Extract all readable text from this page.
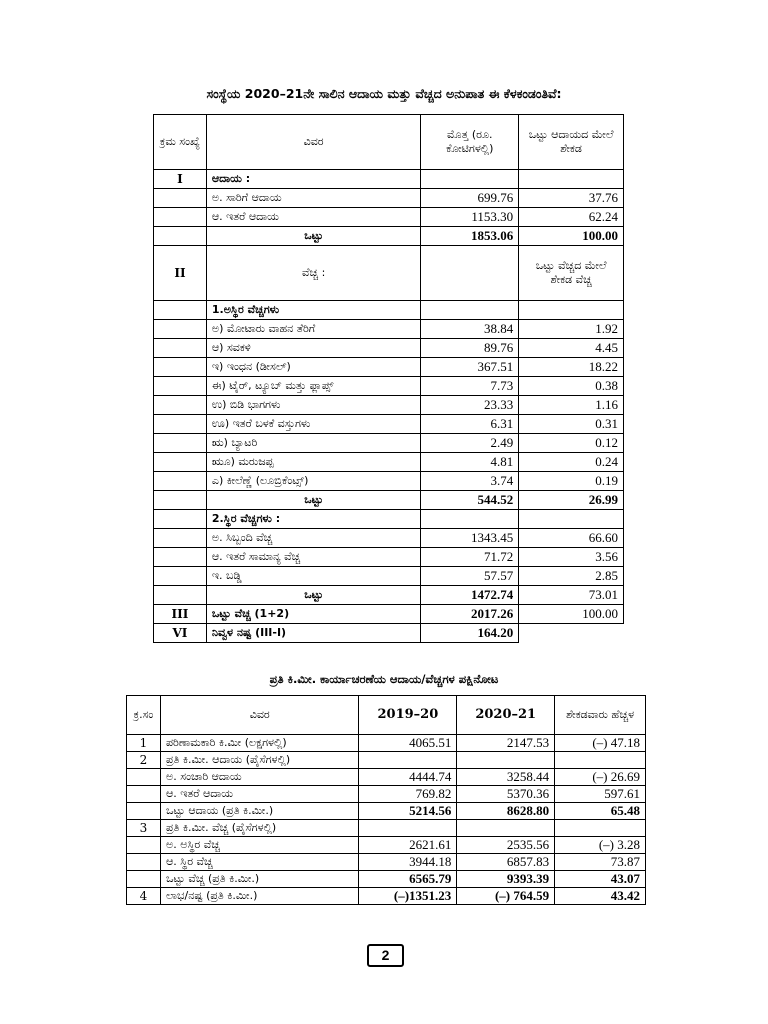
ಸಂಸ್ಥೆಯ 2020–21ನೇ ಸಾಲಿನ ಆದಾಯ ಮತ್ತು ವೆಚ್ಚದ ಅನುಪಾತ ಈ ಕೆಳಕಂಡಂತಿವೆ:
ಕ್ರಮ ಸಂಖ್ಯೆ	ವಿವರ	ಮೊತ್ತ (ರೂ. ಕೋಟಿಗಳಲ್ಲಿ)	ಒಟ್ಟು ಆದಾಯದ ಮೇಲೆ ಶೇಕಡ
I	ಆದಾಯ :		
	ಅ. ಸಾರಿಗೆ ಆದಾಯ	699.76	37.76
	ಆ. ಇತರೆ ಆದಾಯ	1153.30	62.24
	ಒಟ್ಟು	1853.06	100.00
II	ವೆಚ್ಚ :		ಒಟ್ಟು ವೆಚ್ಚದ ಮೇಲೆ ಶೇಕಡ ವೆಚ್ಚ
	1.ಅಸ್ಥಿರ ವೆಚ್ಚಗಳು		
	ಅ) ಮೋಟಾರು ವಾಹನ ತೆರಿಗೆ	38.84	1.92
	ಆ) ಸವಕಳಿ	89.76	4.45
	ಇ) ಇಂಧನ (ಡೀಸಲ್)	367.51	18.22
	ಈ) ಟೈರ್, ಟ್ಯೂಬ್ ಮತ್ತು ಫ್ಲಾಪ್ಸ್	7.73	0.38
	ಉ) ಬಿಡಿ ಭಾಗಗಳು	23.33	1.16
	ಊ) ಇತರೆ ಬಳಕೆ ವಸ್ತುಗಳು	6.31	0.31
	ಋ) ಬ್ಯಾಟರಿ	2.49	0.12
	ಋೂ) ಮರುಜಪ್ಪ	4.81	0.24
	ಎ) ಕೀಲೆಣ್ಣೆ (ಲೂಬ್ರಿಕೆಂಟ್ಸ್)	3.74	0.19
	ಒಟ್ಟು	544.52	26.99
	2.ಸ್ಥಿರ ವೆಚ್ಚಗಳು :		
	ಅ. ಸಿಬ್ಬಂದಿ ವೆಚ್ಚ	1343.45	66.60
	ಆ. ಇತರೆ ಸಾಮಾನ್ಯ ವೆಚ್ಚ	71.72	3.56
	ಇ. ಬಡ್ಡಿ	57.57	2.85
	ಒಟ್ಟು	1472.74	73.01
III	ಒಟ್ಟು ವೆಚ್ಚ (1+2)	2017.26	100.00
VI	ನಿವ್ವಳ ನಷ್ಟ (III-I)	164.20	
ಪ್ರತಿ ಕಿ.ಮೀ. ಕಾರ್ಯಾಚರಣೆಯ ಆದಾಯ/ವೆಚ್ಚಗಳ ಪಕ್ಷಿನೋಟ
ಕ್ರ.ಸಂ	ವಿವರ	2019–20	2020–21	ಶೇಕಡವಾರು ಹೆಚ್ಚಳ
1	ಪರಿಣಾಮಕಾರಿ ಕಿ.ಮೀ (ಲಕ್ಷಗಳಲ್ಲಿ)	4065.51	2147.53	(–) 47.18
2	ಪ್ರತಿ ಕಿ.ಮೀ. ಆದಾಯ (ಪೈಸೆಗಳಲ್ಲಿ)			
	ಅ. ಸಂಚಾರಿ ಆದಾಯ	4444.74	3258.44	(–) 26.69
	ಆ. ಇತರೆ ಆದಾಯ	769.82	5370.36	597.61
	ಒಟ್ಟು ಆದಾಯ (ಪ್ರತಿ ಕಿ.ಮೀ.)	5214.56	8628.80	65.48
3	ಪ್ರತಿ ಕಿ.ಮೀ. ವೆಚ್ಚ (ಪೈಸೆಗಳಲ್ಲಿ)			
	ಅ. ಅಸ್ಥಿರ ವೆಚ್ಚ	2621.61	2535.56	(–) 3.28
	ಆ. ಸ್ಥಿರ ವೆಚ್ಚ	3944.18	6857.83	73.87
	ಒಟ್ಟು ವೆಚ್ಚ (ಪ್ರತಿ ಕಿ.ಮೀ.)	6565.79	9393.39	43.07
4	ಲಾಭ/ನಷ್ಟ (ಪ್ರತಿ ಕಿ.ಮೀ.)	(–)1351.23	(–) 764.59	43.42
2
